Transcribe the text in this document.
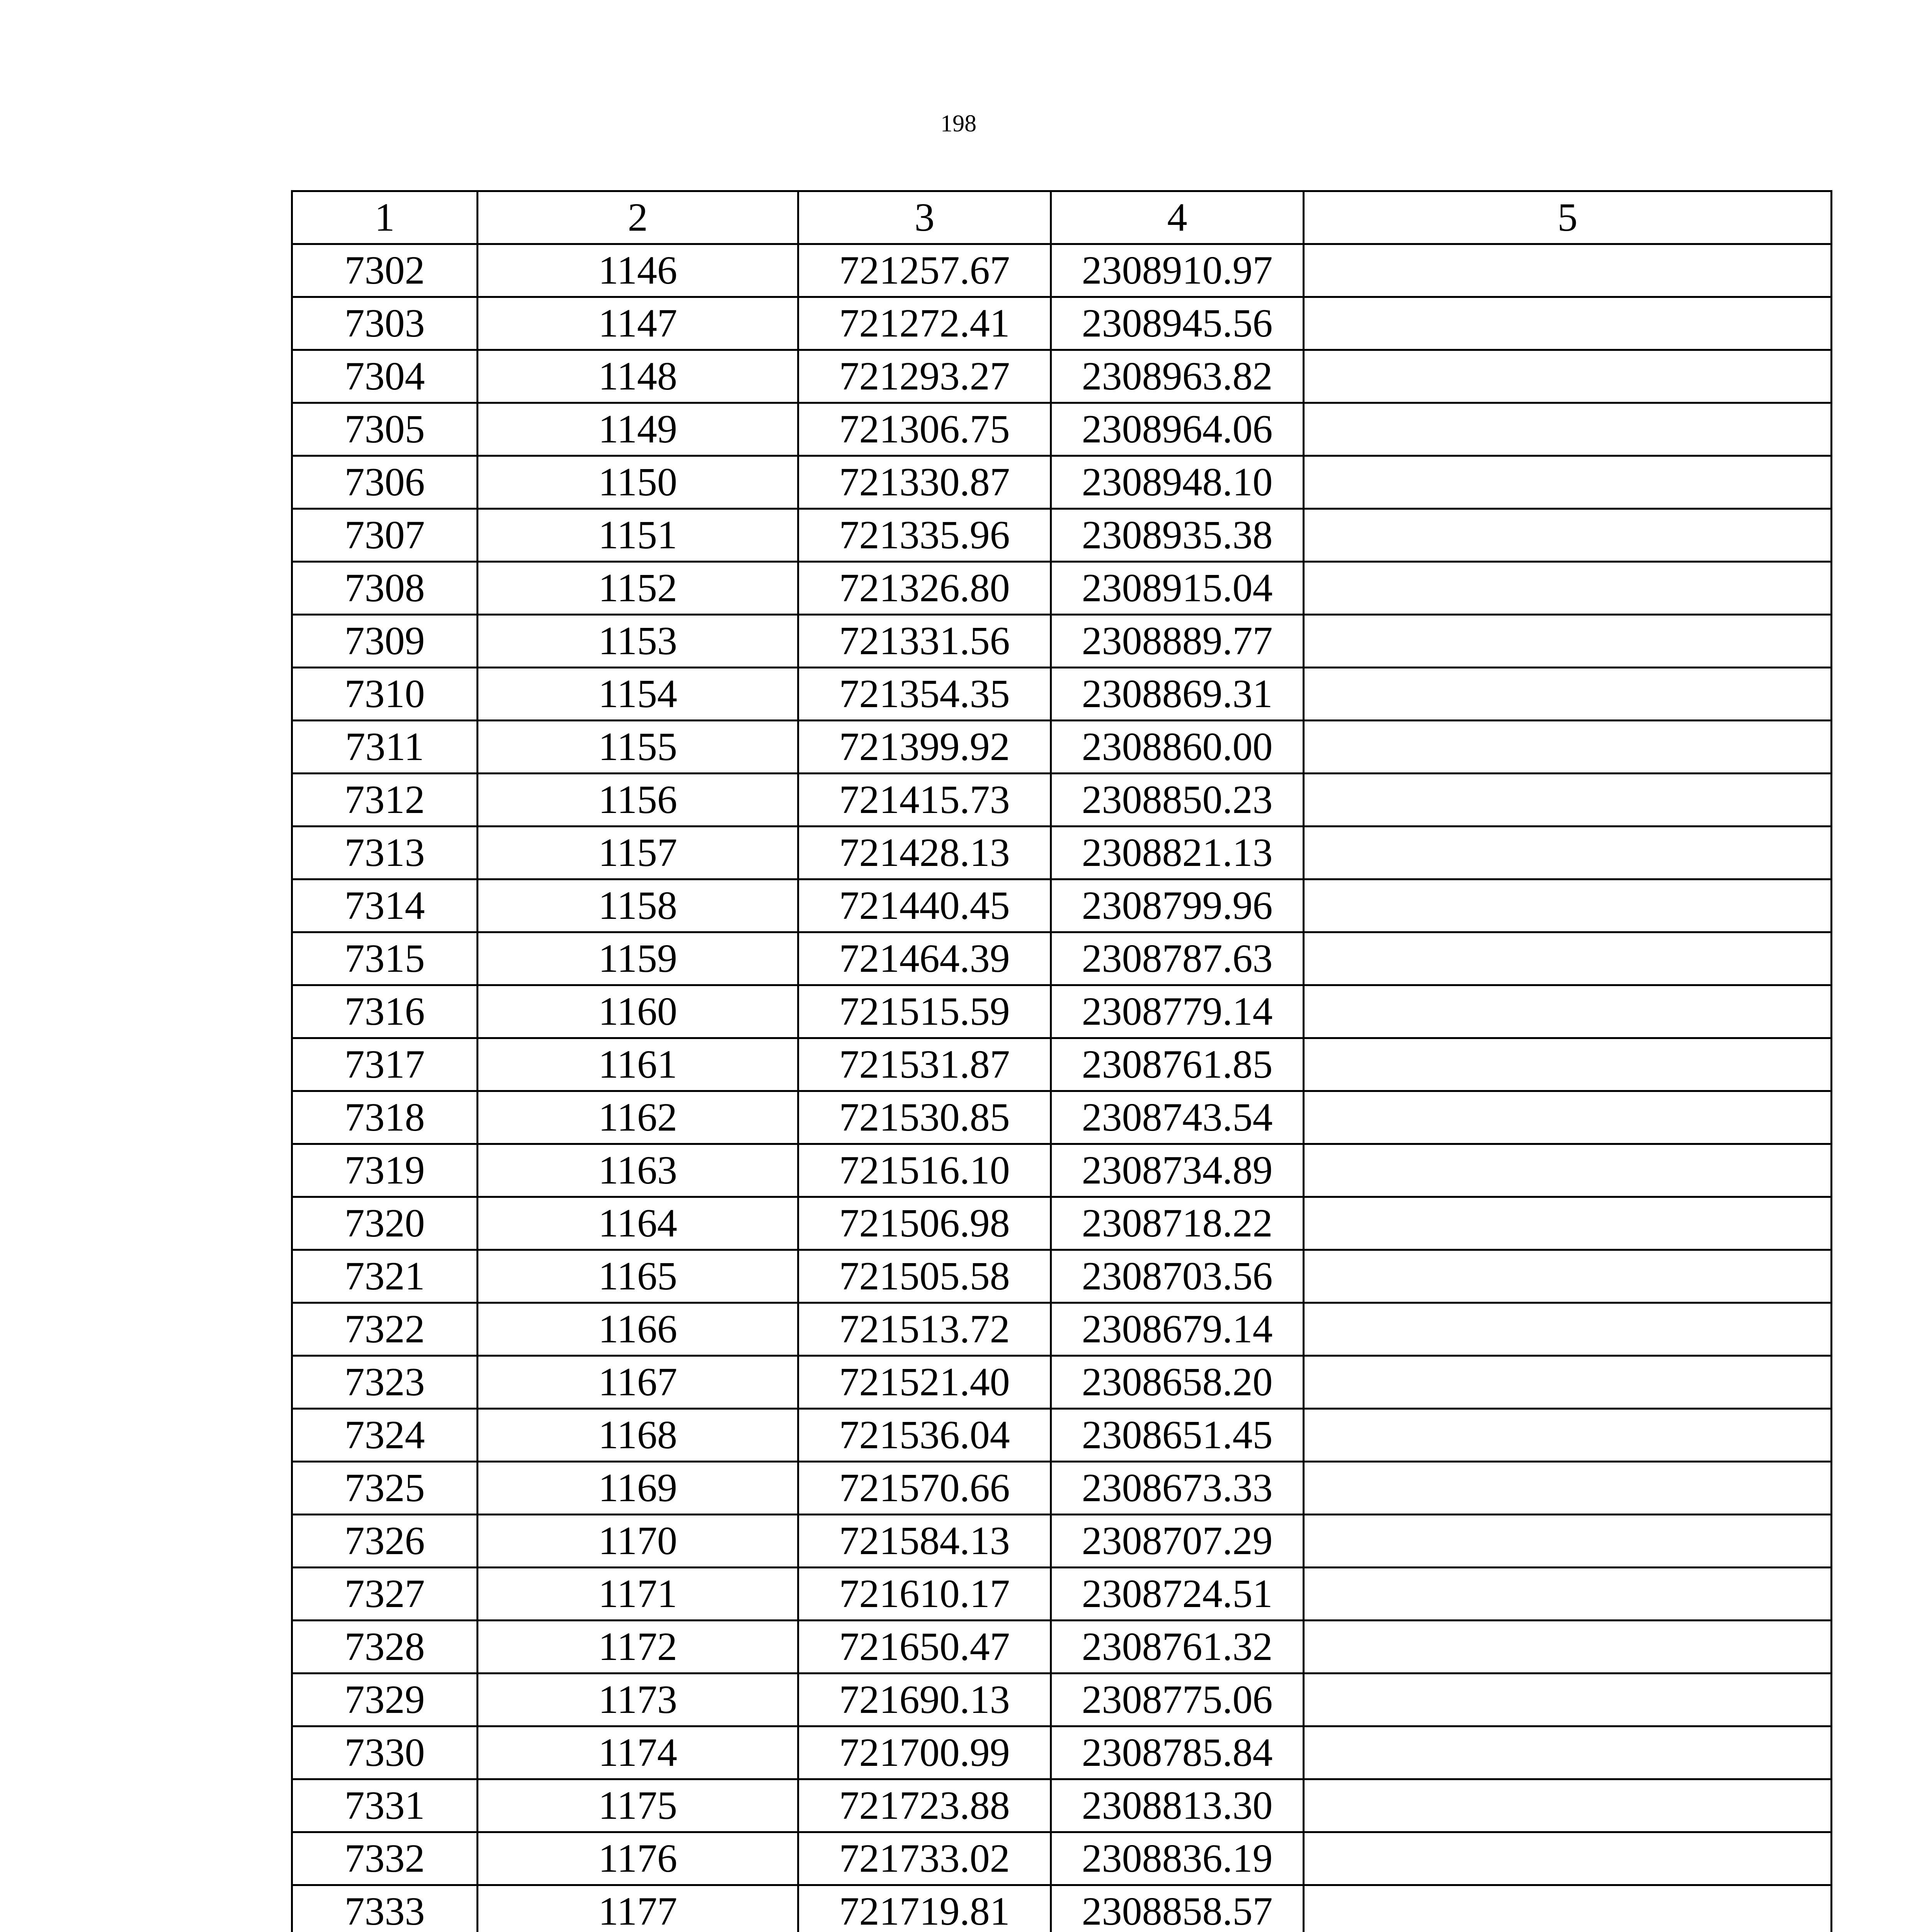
198
1	2	3	4	5
7302	1146	721257.67	2308910.97	
7303	1147	721272.41	2308945.56	
7304	1148	721293.27	2308963.82	
7305	1149	721306.75	2308964.06	
7306	1150	721330.87	2308948.10	
7307	1151	721335.96	2308935.38	
7308	1152	721326.80	2308915.04	
7309	1153	721331.56	2308889.77	
7310	1154	721354.35	2308869.31	
7311	1155	721399.92	2308860.00	
7312	1156	721415.73	2308850.23	
7313	1157	721428.13	2308821.13	
7314	1158	721440.45	2308799.96	
7315	1159	721464.39	2308787.63	
7316	1160	721515.59	2308779.14	
7317	1161	721531.87	2308761.85	
7318	1162	721530.85	2308743.54	
7319	1163	721516.10	2308734.89	
7320	1164	721506.98	2308718.22	
7321	1165	721505.58	2308703.56	
7322	1166	721513.72	2308679.14	
7323	1167	721521.40	2308658.20	
7324	1168	721536.04	2308651.45	
7325	1169	721570.66	2308673.33	
7326	1170	721584.13	2308707.29	
7327	1171	721610.17	2308724.51	
7328	1172	721650.47	2308761.32	
7329	1173	721690.13	2308775.06	
7330	1174	721700.99	2308785.84	
7331	1175	721723.88	2308813.30	
7332	1176	721733.02	2308836.19	
7333	1177	721719.81	2308858.57	
